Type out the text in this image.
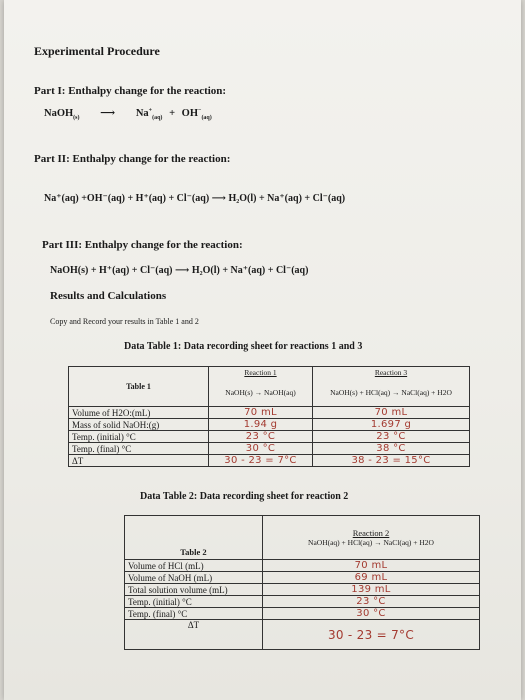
Experimental Procedure
Part I: Enthalpy change for the reaction:
NaOH$_{(s)}$ ⟶ $Na^+_{(aq)} + OH^-_{(aq)}$
Part II: Enthalpy change for the reaction:
Na⁺(aq) +OH⁻(aq) + H⁺(aq) + Cl⁻(aq) ⟶ H₂O(l) + Na⁺(aq) + Cl⁻(aq)
Part III: Enthalpy change for the reaction:
NaOH(s) + H⁺(aq) + Cl⁻(aq) ⟶ H₂O(l) + Na⁺(aq) + Cl⁻(aq)
Results and Calculations
Copy and Record your results in Table 1 and 2
Data Table 1: Data recording sheet for reactions 1 and 3
Table 1	Reaction 1	Reaction 3
	NaOH(s) → NaOH(aq)	NaOH(s) + HCl(aq) → NaCl(aq) + H2O
Volume of H2O:(mL)	70 mL	70 mL
Mass of solid NaOH:(g)	1.94 g	1.697 g
Temp. (initial) °C	23 °C	23 °C
Temp. (final) °C	30 °C	38 °C
ΔT	30 - 23 = 7°C	38 - 23 = 15°C
Data Table 2: Data recording sheet for reaction 2
Table 2	Reaction 2
NaOH(aq) + HCl(aq) → NaCl(aq) + H2O

Volume of HCl (mL)	70 mL
Volume of NaOH (mL)	69 mL
Total solution volume (mL)	139 mL
Temp. (initial) °C	23 °C
Temp. (final) °C	30 °C
ΔT	30 - 23 = 7°C
